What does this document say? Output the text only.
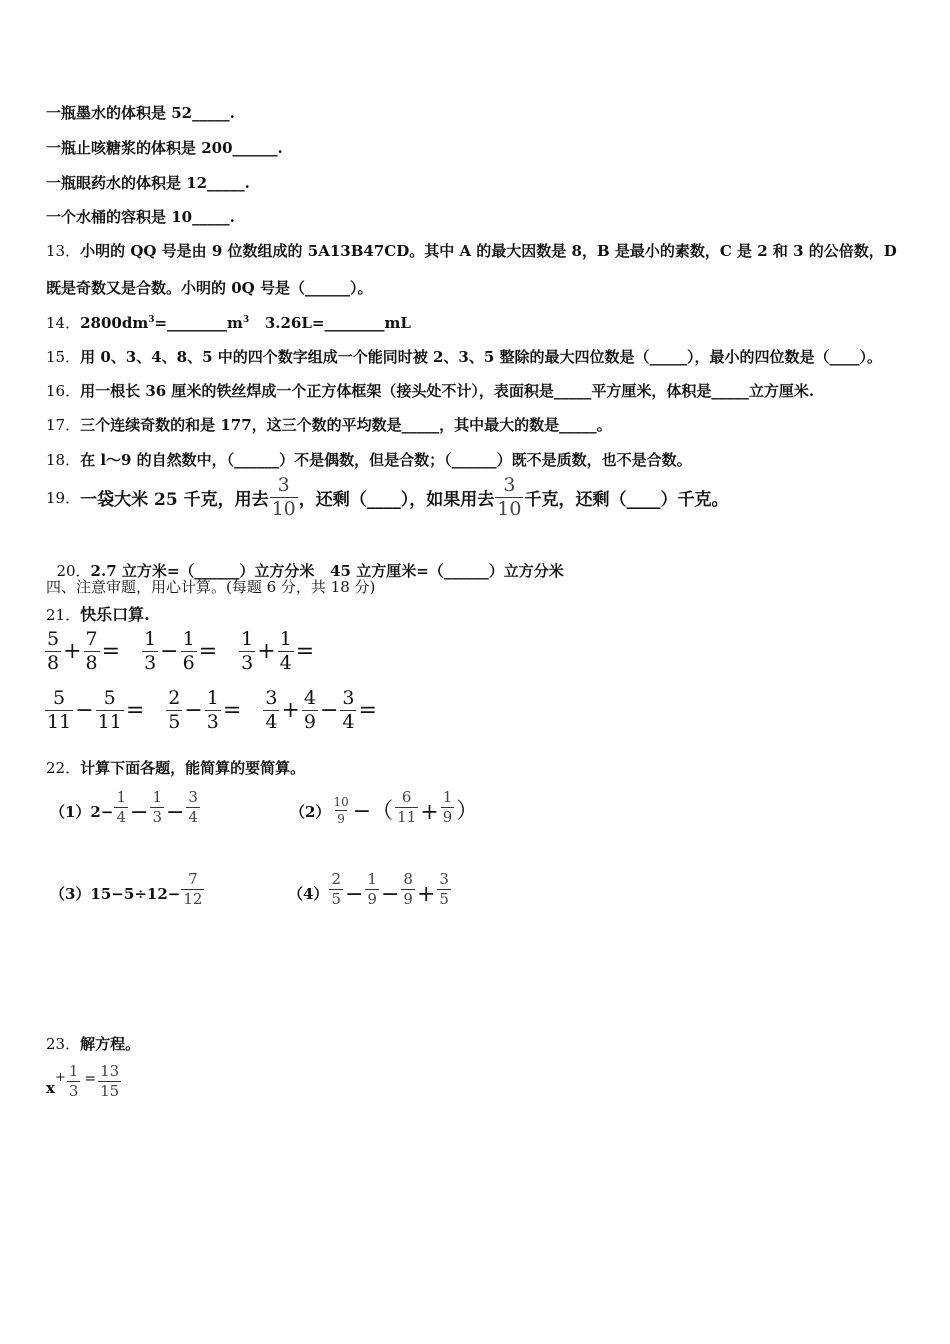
一瓶墨水的体积是 52_____.
一瓶止咳糖浆的体积是 200______.
一瓶眼药水的体积是 12_____.
一个水桶的容积是 10_____.
13．小明的 QQ 号是由 9 位数组成的 5A13B47CD。其中 A 的最大因数是 8，B 是最小的素数，C 是 2 和 3 的公倍数，D
既是奇数又是合数。小明的 0Q 号是（______）。
14．$2800dm^3=\_\_\_\_\_\_\_\_m^3$   3.26L=________mL
15．用 0、3、4、8、5 中的四个数字组成一个能同时被 2、3、5 整除的最大四位数是（_____），最小的四位数是（____）。
16．用一根长 36 厘米的铁丝焊成一个正方体框架（接头处不计），表面积是_____平方厘米，体积是_____立方厘米.
17．三个连续奇数的和是 177，这三个数的平均数是_____，其中最大的数是_____。
18．在 l～9 的自然数中，（______）不是偶数，但是合数；（______）既不是质数，也不是合数。
19． 一袋大米 25 千克，用去 $\frac{3}{10}$ ，还剩（____），如果用去 $\frac{3}{10}$ 千克，还剩（____）千克。

20．2.7 立方米=（______）立方分米   45 立方厘米=（______）立方分米

四、注意审题，用心计算。(每题 6 分，共 18 分)
21．快乐口算.
$\frac{5}{8} + \frac{7}{8} = \frac{1}{3} - \frac{1}{6} = \frac{1}{3} + \frac{1}{4}$ =
$\frac{5}{11} - \frac{5}{11} = \frac{2}{5} - \frac{1}{3} = \frac{3}{4} + \frac{4}{9} - \frac{3}{4}$ =
22．计算下面各题，能简算的要简算。
$(1)2- \frac{1}{4} - \frac{1}{3} - \frac{3}{4}$	$(2) \frac{10}{9}$ −（ $\frac{6}{11} + \frac{1}{9}$ ）
$(3)15-5\div 12- \frac{7}{12}$	$(4) \frac{2}{5} - \frac{1}{9} - \frac{8}{9} + \frac{3}{5}$
23．解方程。
x
+ $\frac{1}{3} = \frac{13}{15}$
